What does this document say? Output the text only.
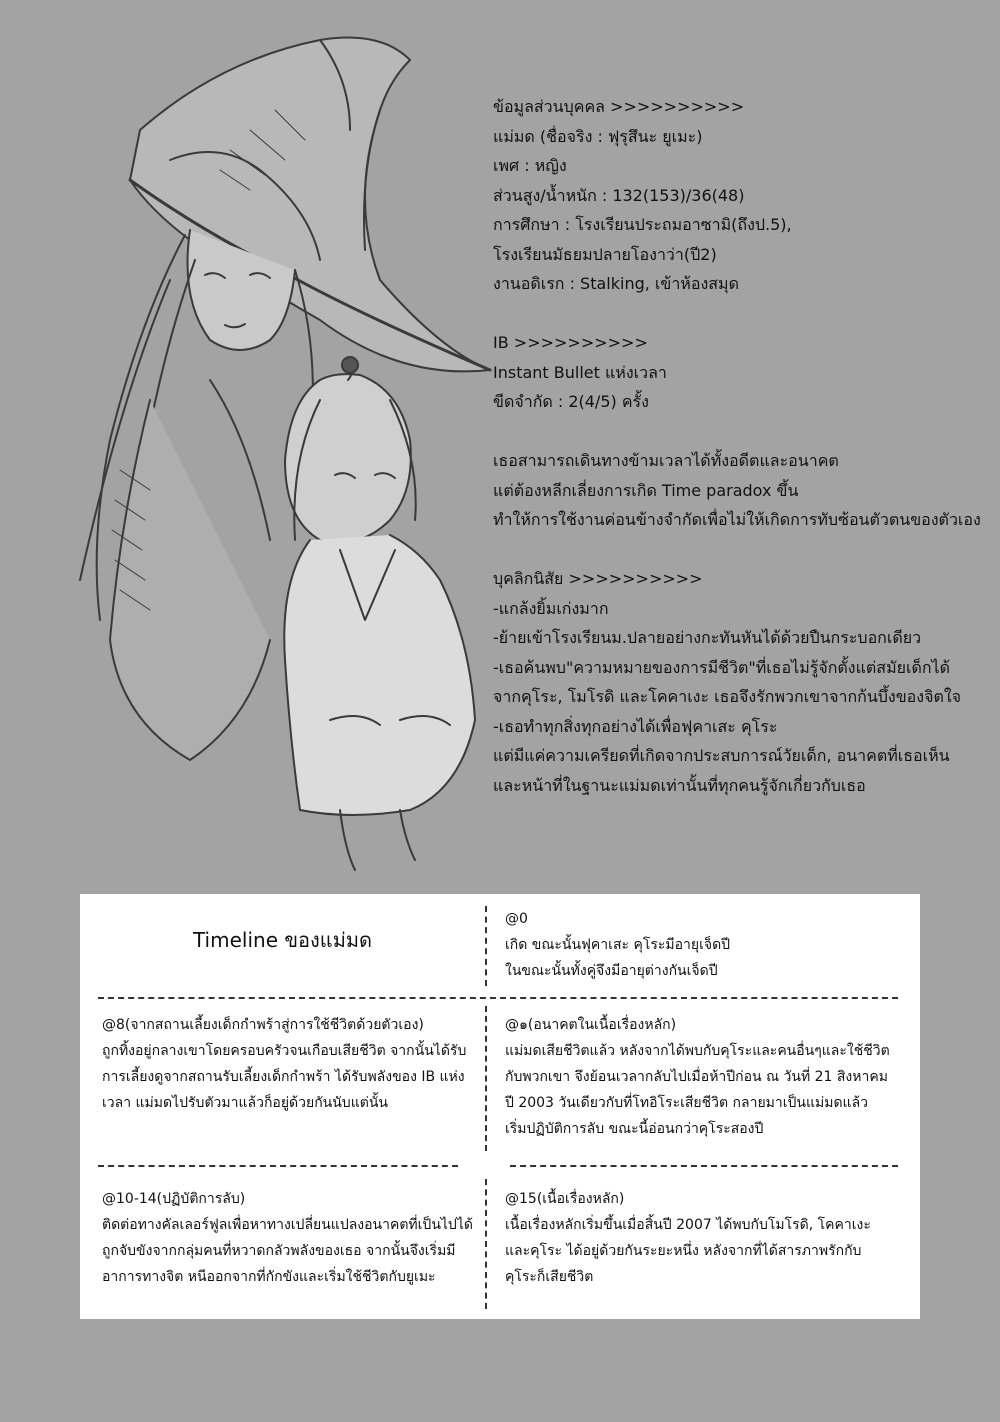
ข้อมูลส่วนบุคคล >>>>>>>>>>
แม่มด (ชื่อจริง : ฟุรุสึนะ ยูเมะ)
เพศ : หญิง
ส่วนสูง/น้ำหนัก : 132(153)/36(48)
การศึกษา : โรงเรียนประถมอาซามิ(ถึงป.5),
โรงเรียนมัธยมปลายโองาว่า(ปี2)
งานอดิเรก : Stalking, เข้าห้องสมุด
IB >>>>>>>>>>
Instant Bullet แห่งเวลา
ขีดจำกัด : 2(4/5) ครั้ง
เธอสามารถเดินทางข้ามเวลาได้ทั้งอดีตและอนาคต
แต่ต้องหลีกเลี่ยงการเกิด Time paradox ขึ้น
ทำให้การใช้งานค่อนข้างจำกัดเพื่อไม่ให้เกิดการทับซ้อนตัวตนของตัวเอง
บุคลิกนิสัย >>>>>>>>>>
-แกล้งยิ้มเก่งมาก
-ย้ายเข้าโรงเรียนม.ปลายอย่างกะทันหันได้ด้วยปืนกระบอกเดียว
-เธอค้นพบ"ความหมายของการมีชีวิต"ที่เธอไม่รู้จักตั้งแต่สมัยเด็กได้
จากคุโระ, โมโรดิ และโคคาเงะ เธอจึงรักพวกเขาจากก้นบึ้งของจิตใจ
-เธอทำทุกสิ่งทุกอย่างได้เพื่อฟุคาเสะ คุโระ
แต่มีแค่ความเครียดที่เกิดจากประสบการณ์วัยเด็ก, อนาคตที่เธอเห็น
และหน้าที่ในฐานะแม่มดเท่านั้นที่ทุกคนรู้จักเกี่ยวกับเธอ
Timeline ของแม่มด
@0
เกิด ขณะนั้นฟุคาเสะ คุโระมีอายุเจ็ดปี
ในขณะนั้นทั้งคู่จึงมีอายุต่างกันเจ็ดปี
@8(จากสถานเลี้ยงเด็กกำพร้าสู่การใช้ชีวิตด้วยตัวเอง)
ถูกทิ้งอยู่กลางเขาโดยครอบครัวจนเกือบเสียชีวิต จากนั้นได้รับ
การเลี้ยงดูจากสถานรับเลี้ยงเด็กกำพร้า ได้รับพลังของ IB แห่ง
เวลา แม่มดไปรับตัวมาแล้วก็อยู่ด้วยกันนับแต่นั้น
@๑(อนาคตในเนื้อเรื่องหลัก)
แม่มดเสียชีวิตแล้ว หลังจากได้พบกับคุโระและคนอื่นๆและใช้ชีวิต
กับพวกเขา จึงย้อนเวลากลับไปเมื่อห้าปีก่อน ณ วันที่ 21 สิงหาคม
ปี 2003 วันเดียวกับที่โทอิโระเสียชีวิต กลายมาเป็นแม่มดแล้ว
เริ่มปฏิบัติการลับ ขณะนี้อ่อนกว่าคุโระสองปี
@10-14(ปฏิบัติการลับ)
ติดต่อทางคัลเลอร์ฟูลเพื่อหาทางเปลี่ยนแปลงอนาคตที่เป็นไปได้
ถูกจับขังจากกลุ่มคนที่หวาดกลัวพลังของเธอ จากนั้นจึงเริ่มมี
อาการทางจิต หนีออกจากที่กักขังและเริ่มใช้ชีวิตกับยูเมะ
@15(เนื้อเรื่องหลัก)
เนื้อเรื่องหลักเริ่มขึ้นเมื่อสิ้นปี 2007 ได้พบกับโมโรดิ, โคคาเงะ
และคุโระ ได้อยู่ด้วยกันระยะหนึ่ง หลังจากที่ได้สารภาพรักกับ
คุโระก็เสียชีวิต
